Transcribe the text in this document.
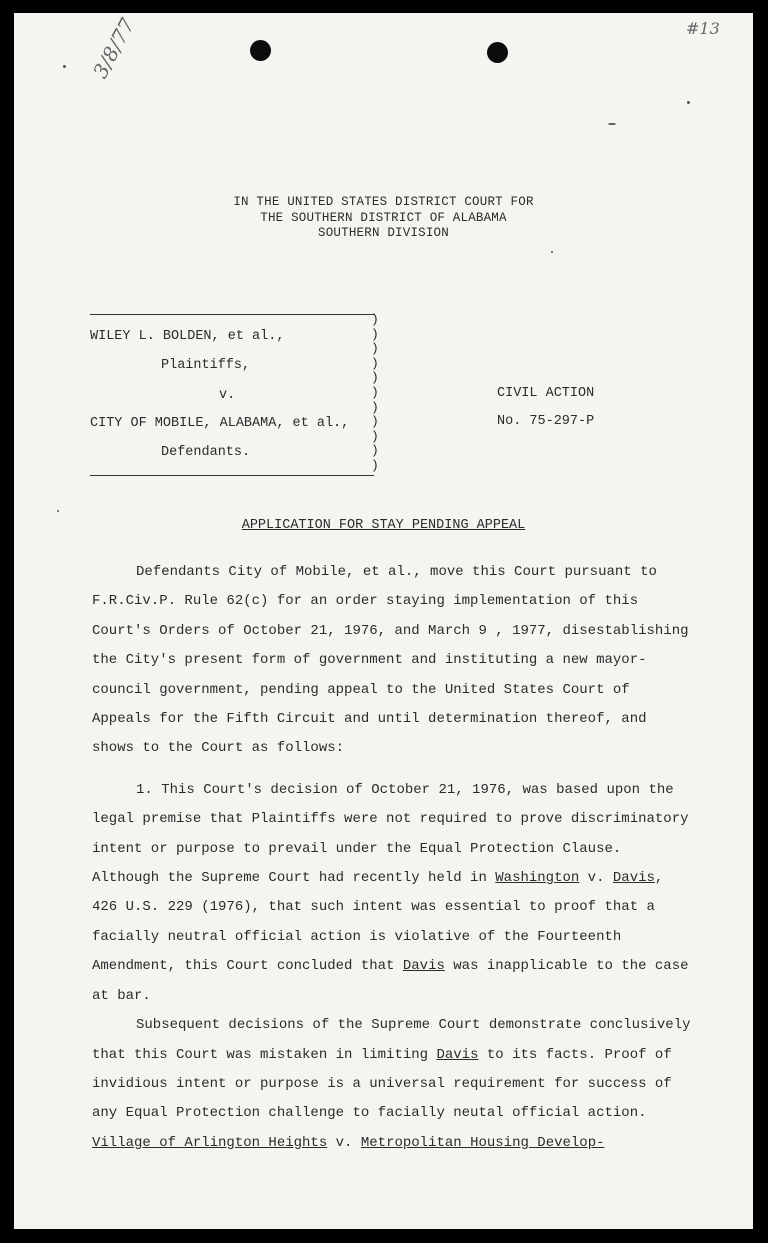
3/8/77	#13
IN THE UNITED STATES DISTRICT COURT FOR
THE SOUTHERN DISTRICT OF ALABAMA
SOUTHERN DIVISION
)
)
)
)
)
)
)
)
)
)
)
WILEY L. BOLDEN, et al.,
Plaintiffs,
v.
CITY OF MOBILE, ALABAMA, et al.,
Defendants.
CIVIL ACTION
No. 75-297-P
APPLICATION FOR STAY PENDING APPEAL

Defendants City of Mobile, et al., move this Court pursuant to F.R.Civ.P. Rule 62(c) for an order staying implementation of this Court's Orders of October 21, 1976, and March 9 , 1977, disestablishing the City's present form of government and instituting a new mayor-council government, pending appeal to the United States Court of Appeals for the Fifth Circuit and until determination thereof, and shows to the Court as follows:

1. This Court's decision of October 21, 1976, was based upon the legal premise that Plaintiffs were not required to prove discriminatory intent or purpose to prevail under the Equal Protection Clause. Although the Supreme Court had recently held in Washington v. Davis, 426 U.S. 229 (1976), that such intent was essential to proof that a facially neutral official action is violative of the Fourteenth Amendment, this Court concluded that Davis was inapplicable to the case at bar.

Subsequent decisions of the Supreme Court demonstrate conclusively that this Court was mistaken in limiting Davis to its facts. Proof of invidious intent or purpose is a universal requirement for success of any Equal Protection challenge to facially neutal official action. Village of Arlington Heights v. Metropolitan Housing Develop-
